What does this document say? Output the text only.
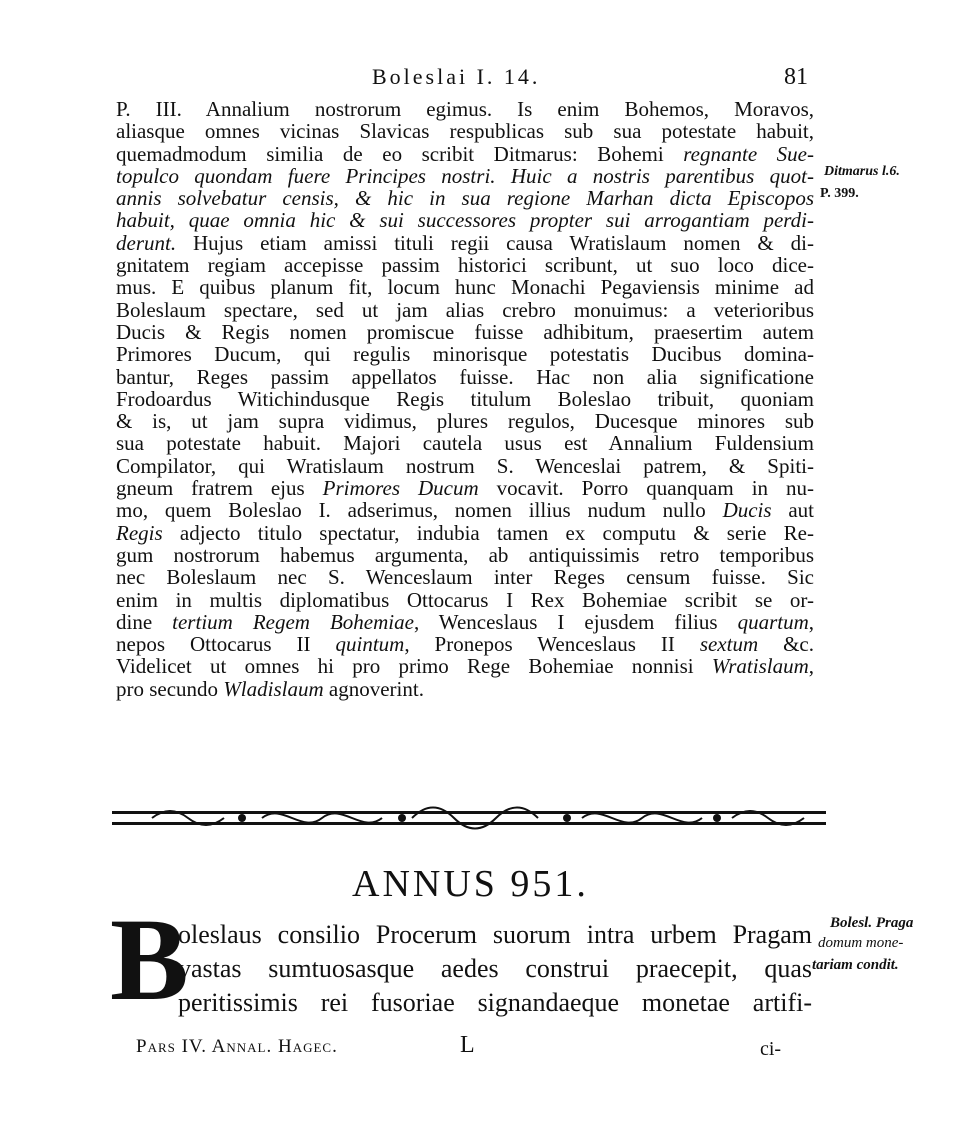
Boleslai I. 14.	81
P. III. Annalium nostrorum egimus. Is enim Bohemos, Moravos,
aliasque omnes vicinas Slavicas respublicas sub sua potestate habuit,
quemadmodum similia de eo scribit Ditmarus: Bohemi regnante Sue-
topulco quondam fuere Principes nostri. Huic a nostris parentibus quot-
annis solvebatur censis, & hic in sua regione Marhan dicta Episcopos
habuit, quae omnia hic & sui successores propter sui arrogantiam perdi-
derunt. Hujus etiam amissi tituli regii causa Wratislaum nomen & di-
gnitatem regiam accepisse passim historici scribunt, ut suo loco dice-
mus. E quibus planum fit, locum hunc Monachi Pegaviensis minime ad
Boleslaum spectare, sed ut jam alias crebro monuimus: a veterioribus
Ducis & Regis nomen promiscue fuisse adhibitum, praesertim autem
Primores Ducum, qui regulis minorisque potestatis Ducibus domina-
bantur, Reges passim appellatos fuisse. Hac non alia significatione
Frodoardus Witichindusque Regis titulum Boleslao tribuit, quoniam
& is, ut jam supra vidimus, plures regulos, Ducesque minores sub
sua potestate habuit. Majori cautela usus est Annalium Fuldensium
Compilator, qui Wratislaum nostrum S. Wenceslai patrem, & Spiti-
gneum fratrem ejus Primores Ducum vocavit. Porro quanquam in nu-
mo, quem Boleslao I. adserimus, nomen illius nudum nullo Ducis aut
Regis adjecto titulo spectatur, indubia tamen ex computu & serie Re-
gum nostrorum habemus argumenta, ab antiquissimis retro temporibus
nec Boleslaum nec S. Wenceslaum inter Reges censum fuisse. Sic
enim in multis diplomatibus Ottocarus I Rex Bohemiae scribit se or-
dine tertium Regem Bohemiae, Wenceslaus I ejusdem filius quartum,
nepos Ottocarus II quintum, Pronepos Wenceslaus II sextum &c.
Videlicet ut omnes hi pro primo Rege Bohemiae nonnisi Wratislaum,
pro secundo Wladislaum agnoverint.
Ditmarus l.6.
P. 399.
ANNUS 951.
B
oleslaus consilio Procerum suorum intra urbem Pragam
vastas sumtuosasque aedes construi praecepit, quas
peritissimis rei fusoriae signandaeque monetae artifi-
Bolesl. Praga
domum mone-
tariam condit.
Pars IV. Annal. Hagec.	L	ci-
